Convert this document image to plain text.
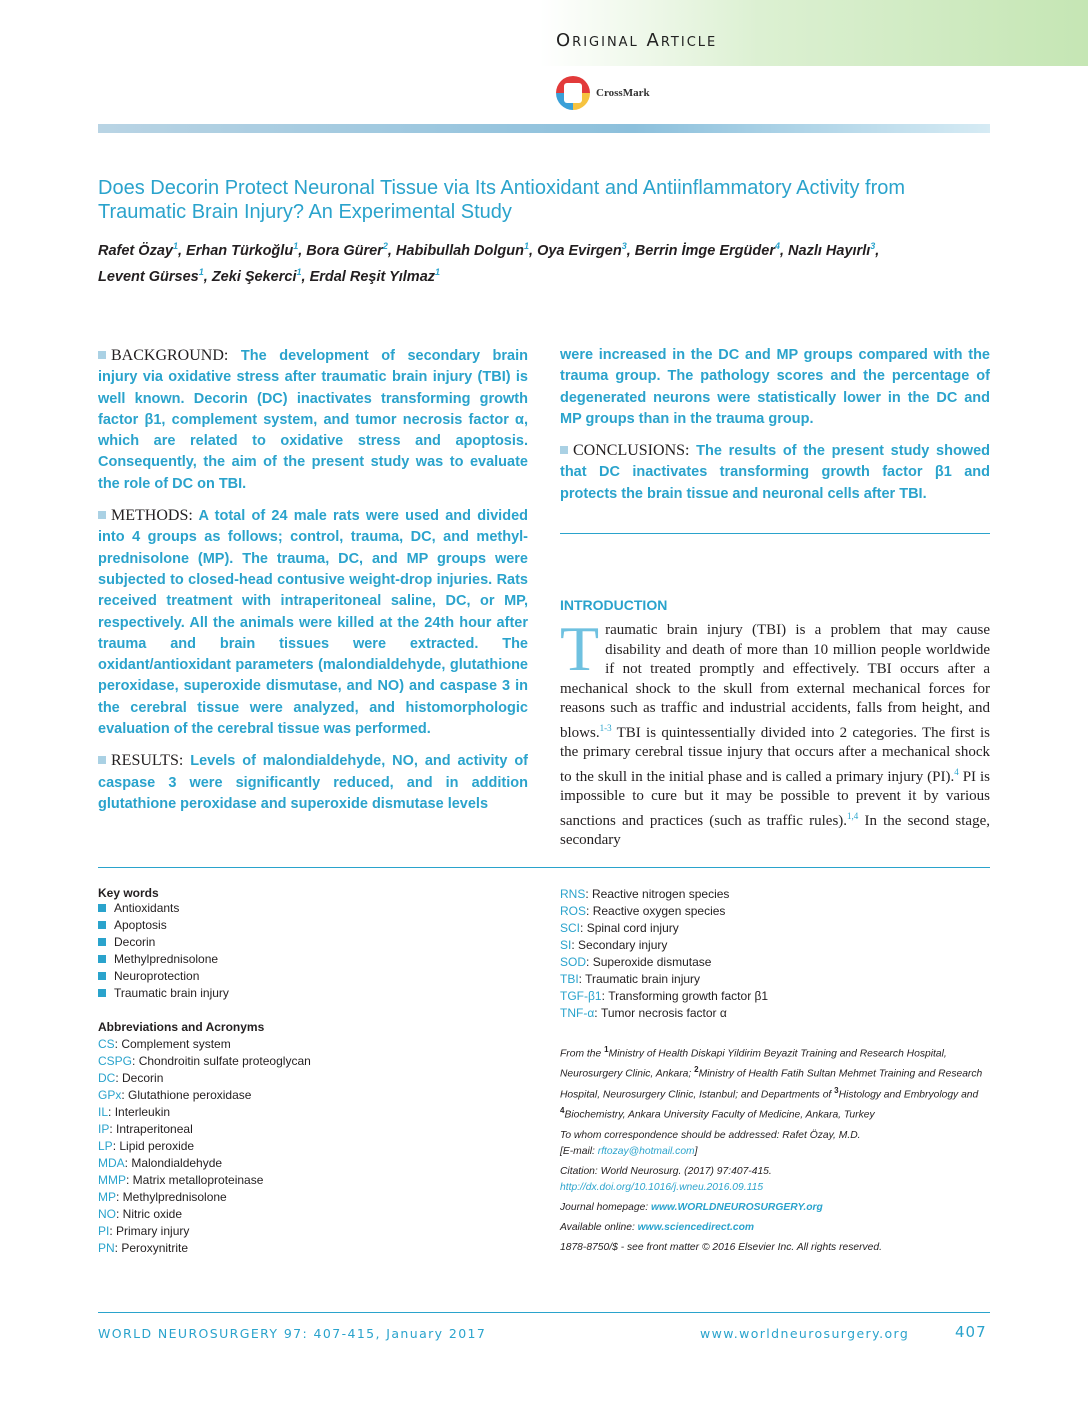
Original Article
CrossMark
Does Decorin Protect Neuronal Tissue via Its Antioxidant and Antiinflammatory Activity from Traumatic Brain Injury? An Experimental Study
Rafet Özay$^1$, Erhan Türkoğlu$^1$, Bora Gürer$^2$, Habibullah Dolgun$^1$, Oya Evirgen$^3$, Berrin İmge Ergüder$^4$, Nazlı Hayırlı$^3$,
Levent Gürses$^1$, Zeki Şekerci$^1$, Erdal Reşit Yılmaz$^1$

BACKGROUND: The development of secondary brain injury via oxidative stress after traumatic brain injury (TBI) is well known. Decorin (DC) inactivates transforming growth factor β1, complement system, and tumor necrosis factor α, which are related to oxidative stress and apoptosis. Consequently, the aim of the present study was to evaluate the role of DC on TBI.

METHODS: A total of 24 male rats were used and divided into 4 groups as follows; control, trauma, DC, and methyl-prednisolone (MP). The trauma, DC, and MP groups were subjected to closed-head contusive weight-drop injuries. Rats received treatment with intraperitoneal saline, DC, or MP, respectively. All the animals were killed at the 24th hour after trauma and brain tissues were extracted. The oxidant/antioxidant parameters (malondialdehyde, glutathione peroxidase, superoxide dismutase, and NO) and caspase 3 in the cerebral tissue were analyzed, and histomorphologic evaluation of the cerebral tissue was performed.

RESULTS: Levels of malondialdehyde, NO, and activity of caspase 3 were significantly reduced, and in addition glutathione peroxidase and superoxide dismutase levels

were increased in the DC and MP groups compared with the trauma group. The pathology scores and the percentage of degenerated neurons were statistically lower in the DC and MP groups than in the trauma group.

CONCLUSIONS: The results of the present study showed that DC inactivates transforming growth factor β1 and protects the brain tissue and neuronal cells after TBI.

INTRODUCTION
Traumatic brain injury (TBI) is a problem that may cause disability and death of more than 10 million people worldwide if not treated promptly and effectively. TBI occurs after a mechanical shock to the skull from external mechanical forces for reasons such as traffic and industrial accidents, falls from height, and blows.$^{1-3}$ TBI is quintessentially divided into 2 categories. The first is the primary cerebral tissue injury that occurs after a mechanical shock to the skull in the initial phase and is called a primary injury (PI).$^4$ PI is impossible to cure but it may be possible to prevent it by various sanctions and practices (such as traffic rules).$^{1,4}$ In the second stage, secondary
Key words
Antioxidants
Apoptosis
Decorin
Methylprednisolone
Neuroprotection
Traumatic brain injury
Abbreviations and Acronyms
CS: Complement system
CSPG: Chondroitin sulfate proteoglycan
DC: Decorin
GPx: Glutathione peroxidase
IL: Interleukin
IP: Intraperitoneal
LP: Lipid peroxide
MDA: Malondialdehyde
MMP: Matrix metalloproteinase
MP: Methylprednisolone
NO: Nitric oxide
PI: Primary injury
PN: Peroxynitrite
RNS: Reactive nitrogen species
ROS: Reactive oxygen species
SCI: Spinal cord injury
SI: Secondary injury
SOD: Superoxide dismutase
TBI: Traumatic brain injury
TGF-β1: Transforming growth factor β1
TNF-α: Tumor necrosis factor α

From the $^1$Ministry of Health Diskapi Yildirim Beyazit Training and Research Hospital, Neurosurgery Clinic, Ankara; $^2$Ministry of Health Fatih Sultan Mehmet Training and Research Hospital, Neurosurgery Clinic, Istanbul; and Departments of $^3$Histology and Embryology and $^4$Biochemistry, Ankara University Faculty of Medicine, Ankara, Turkey

To whom correspondence should be addressed: Rafet Özay, M.D.
[E-mail: rftozay@hotmail.com]

Citation: World Neurosurg. (2017) 97:407-415.
http://dx.doi.org/10.1016/j.wneu.2016.09.115

Journal homepage: www.WORLDNEUROSURGERY.org

Available online: www.sciencedirect.com

1878-8750/$ - see front matter © 2016 Elsevier Inc. All rights reserved.

WORLD NEUROSURGERY 97: 407-415, January 2017	www.worldneurosurgery.org	407
